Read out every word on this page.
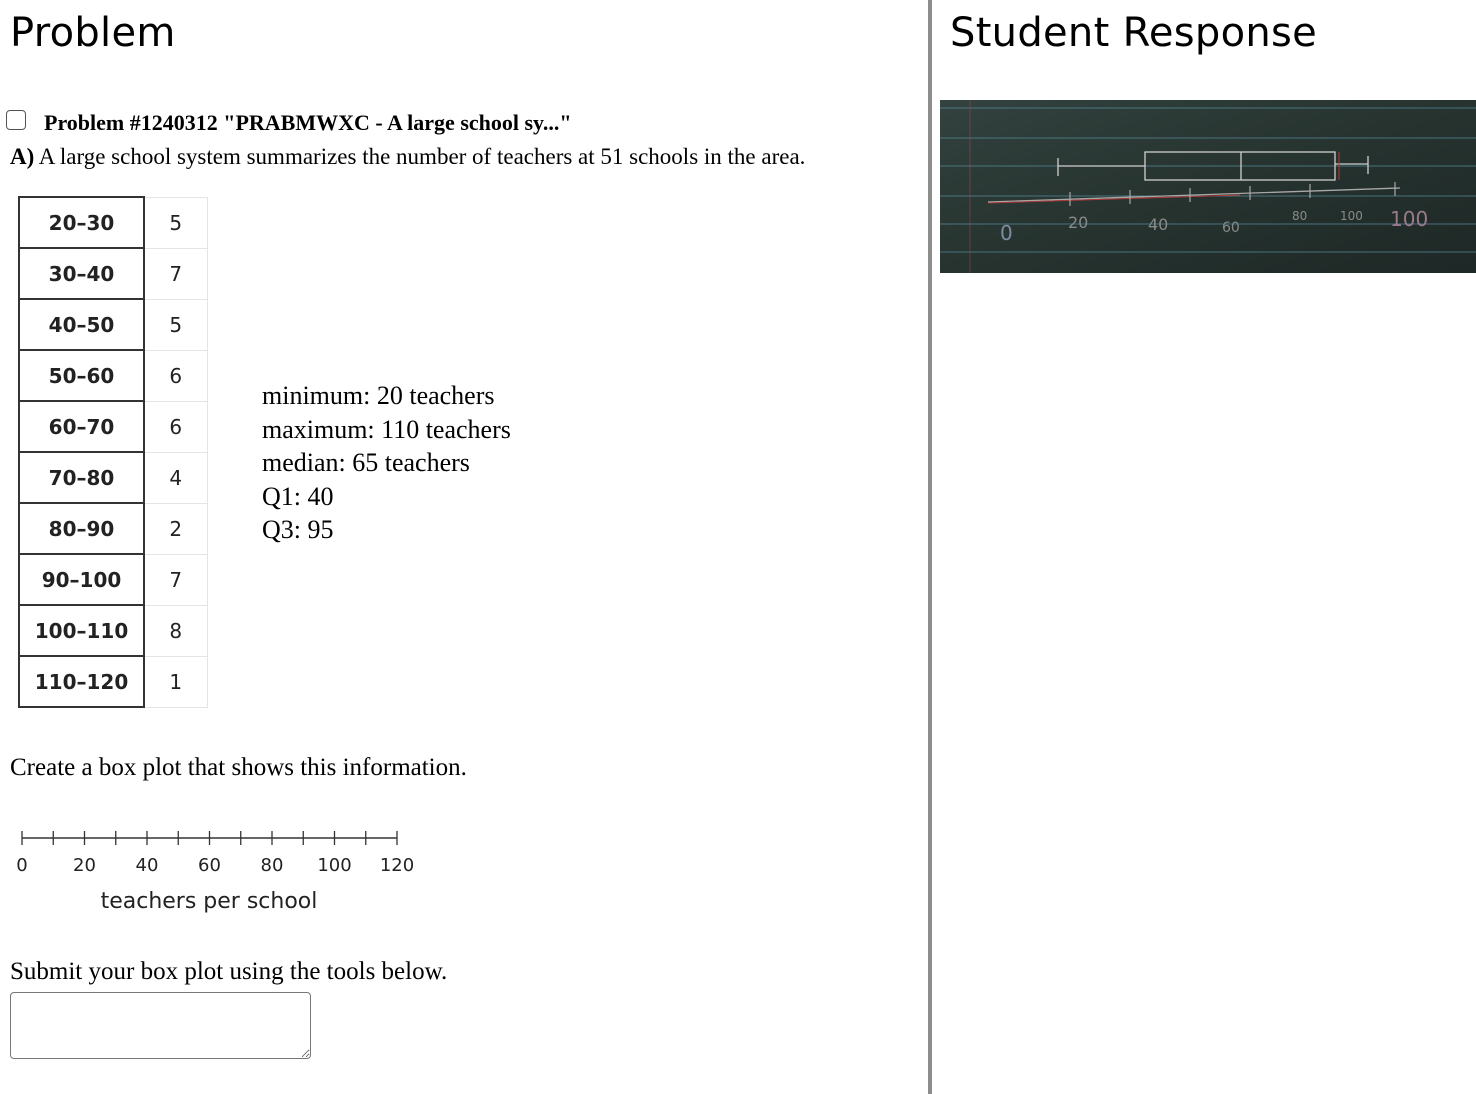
Problem
Problem #1240312 "PRABMWXC - A large school sy..."
A) A large school system summarizes the number of teachers at 51 schools in the area.
20–30	5
30–40	7
40–50	5
50–60	6
60–70	6
70–80	4
80–90	2
90–100	7
100–110	8
110–120	1
minimum: 20 teachers
maximum: 110 teachers
median: 65 teachers
Q1: 40
Q3: 95
Create a box plot that shows this information.
0	20 40 60 80 100 120
teachers per school
Submit your box plot using the tools below.
Student Response
0	20	40	60
80	100 100
